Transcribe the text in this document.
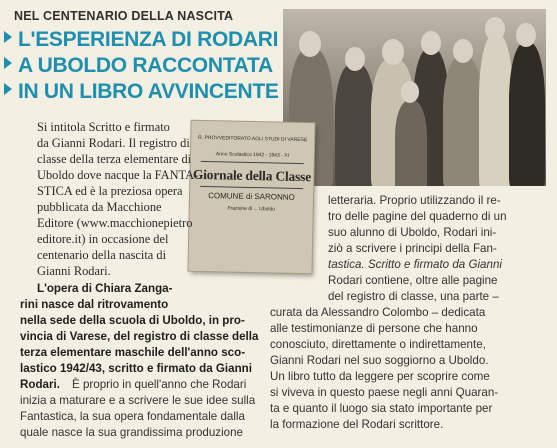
NEL CENTENARIO DELLA NASCITA
L'ESPERIENZA DI RODARI
A UBOLDO RACCONTATA
IN UN LIBRO AVVINCENTE
R. PROVVEDITORATO AGLI STUDI DI VARESE
Anno Scolastico 1942 - 1943 - XI
Giornale della Classe
COMUNE di SARONNO
Frazione di ... Uboldo
Si intitola Scritto e firmato
da Gianni Rodari. Il registro di
classe della terza elementare di
Uboldo dove nacque la FANTA-
STICA ed è la preziosa opera
pubblicata da Macchione
Editore (www.macchionepietro
editore.it) in occasione del
centenario della nascita di
Gianni Rodari.
L'opera di Chiara Zanga-
rini nasce dal ritrovamento
nella sede della scuola di Uboldo, in pro-
vincia di Varese, del registro di classe della
terza elementare maschile dell'anno sco-
lastico 1942/43, scritto e firmato da Gianni
Rodari. È proprio in quell'anno che Rodari
inizia a maturare e a scrivere le sue idee sulla
Fantastica, la sua opera fondamentale dalla
quale nasce la sua grandissima produzione
letteraria. Proprio utilizzando il re-
tro delle pagine del quaderno di un
suo alunno di Uboldo, Rodari ini-
ziò a scrivere i principi della Fan-
tastica. Scritto e firmato da Gianni
Rodari contiene, oltre alle pagine
del registro di classe, una parte –
curata da Alessandro Colombo – dedicata
alle testimonianze di persone che hanno
conosciuto, direttamente o indirettamente,
Gianni Rodari nel suo soggiorno a Uboldo.
Un libro tutto da leggere per scoprire come
si viveva in questo paese negli anni Quaran-
ta e quanto il luogo sia stato importante per
la formazione del Rodari scrittore.
